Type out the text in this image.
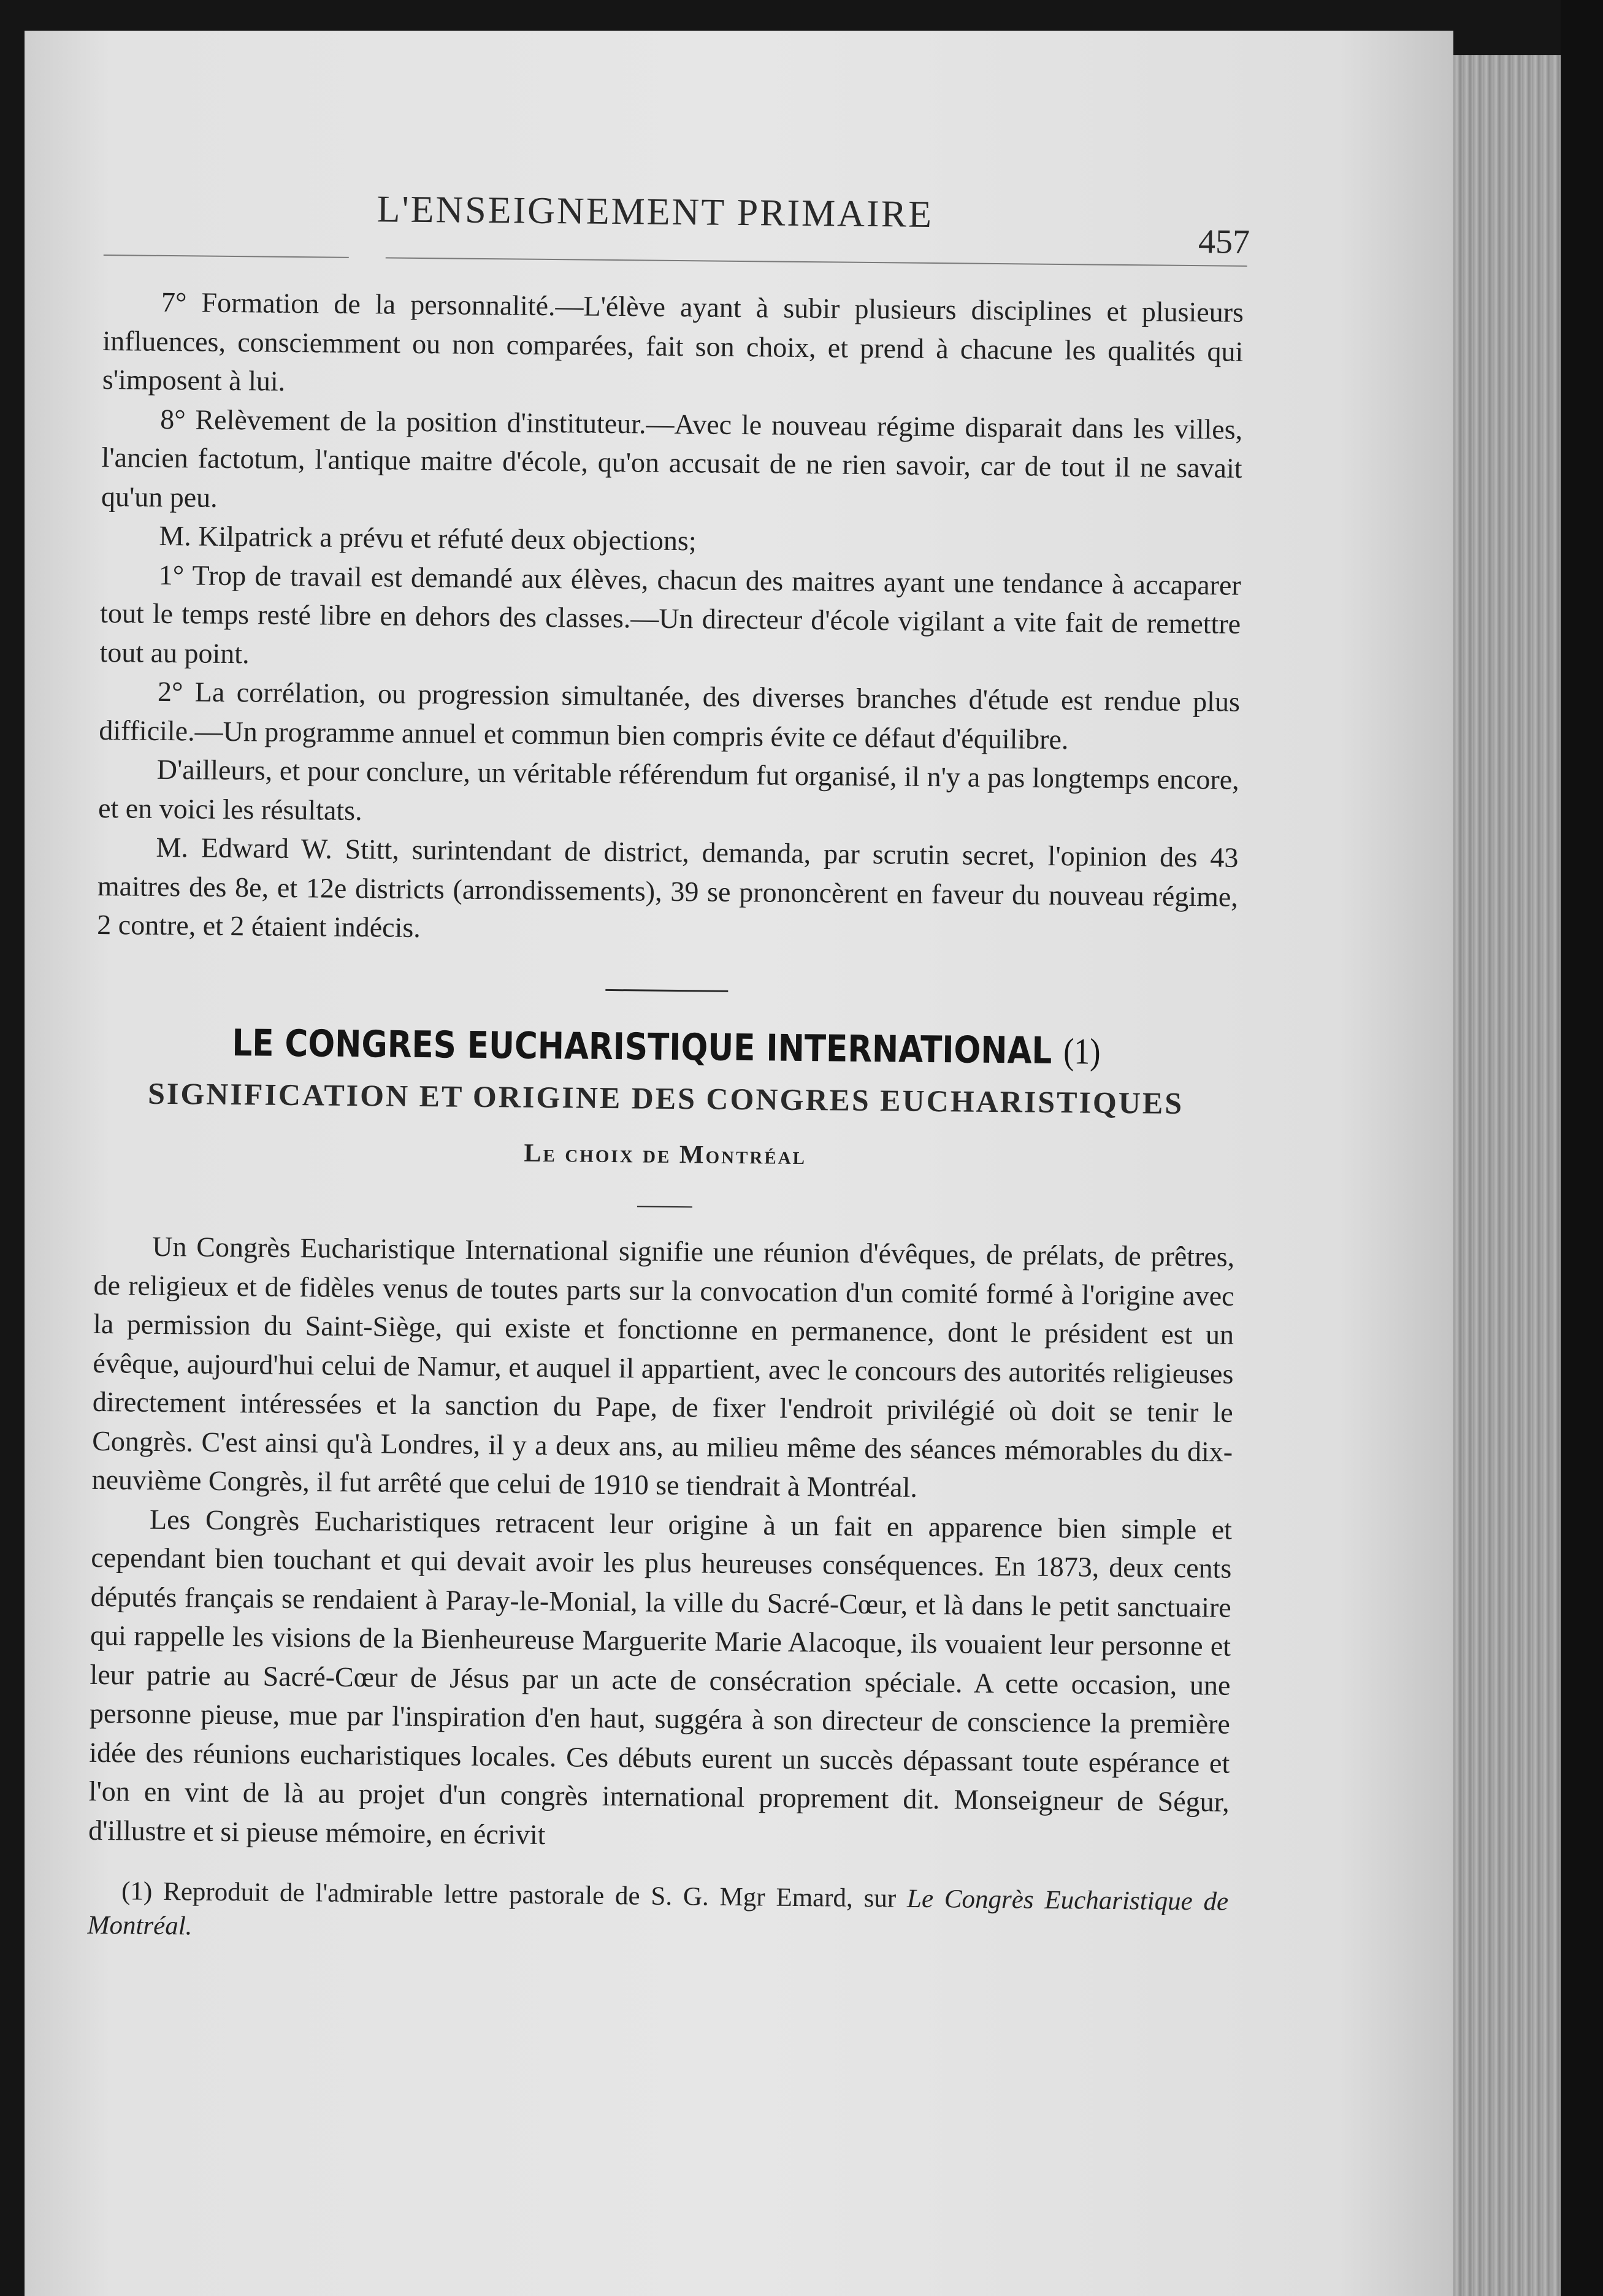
L'ENSEIGNEMENT PRIMAIRE
457

7° Formation de la personnalité.—L'élève ayant à subir plusieurs disciplines et plusieurs influences, consciemment ou non comparées, fait son choix, et prend à chacune les qualités qui s'imposent à lui.

8° Relèvement de la position d'instituteur.—Avec le nouveau régime disparait dans les villes, l'ancien factotum, l'antique maitre d'école, qu'on accusait de ne rien savoir, car de tout il ne savait qu'un peu.

M. Kilpatrick a prévu et réfuté deux objections;

1° Trop de travail est demandé aux élèves, chacun des maitres ayant une tendance à accaparer tout le temps resté libre en dehors des classes.—Un directeur d'école vigilant a vite fait de remettre tout au point.

2° La corrélation, ou progression simultanée, des diverses branches d'étude est rendue plus difficile.—Un programme annuel et commun bien compris évite ce défaut d'équilibre.

D'ailleurs, et pour conclure, un véritable référendum fut organisé, il n'y a pas longtemps encore, et en voici les résultats.

M. Edward W. Stitt, surintendant de district, demanda, par scrutin secret, l'opinion des 43 maitres des 8e, et 12e districts (arrondissements), 39 se prononcèrent en faveur du nouveau régime, 2 contre, et 2 étaient indécis.

LE CONGRES EUCHARISTIQUE INTERNATIONAL (1)
SIGNIFICATION ET ORIGINE DES CONGRES EUCHARISTIQUES
Le choix de Montréal

Un Congrès Eucharistique International signifie une réunion d'évêques, de prélats, de prêtres, de religieux et de fidèles venus de toutes parts sur la convocation d'un comité formé à l'origine avec la permission du Saint-Siège, qui existe et fonctionne en permanence, dont le président est un évêque, aujourd'hui celui de Namur, et auquel il appartient, avec le concours des autorités religieuses directement intéressées et la sanction du Pape, de fixer l'endroit privilégié où doit se tenir le Congrès. C'est ainsi qu'à Londres, il y a deux ans, au milieu même des séances mémorables du dix-neuvième Congrès, il fut arrêté que celui de 1910 se tiendrait à Montréal.

Les Congrès Eucharistiques retracent leur origine à un fait en apparence bien simple et cependant bien touchant et qui devait avoir les plus heureuses conséquences. En 1873, deux cents députés français se rendaient à Paray-le-Monial, la ville du Sacré-Cœur, et là dans le petit sanctuaire qui rappelle les visions de la Bienheureuse Marguerite Marie Alacoque, ils vouaient leur personne et leur patrie au Sacré-Cœur de Jésus par un acte de consécration spéciale. A cette occasion, une personne pieuse, mue par l'inspiration d'en haut, suggéra à son directeur de conscience la première idée des réunions eucharistiques locales. Ces débuts eurent un succès dépassant toute espérance et l'on en vint de là au projet d'un congrès international proprement dit. Monseigneur de Ségur, d'illustre et si pieuse mémoire, en écrivit

(1) Reproduit de l'admirable lettre pastorale de S. G. Mgr Emard, sur Le Congrès Eucharistique de Montréal.
